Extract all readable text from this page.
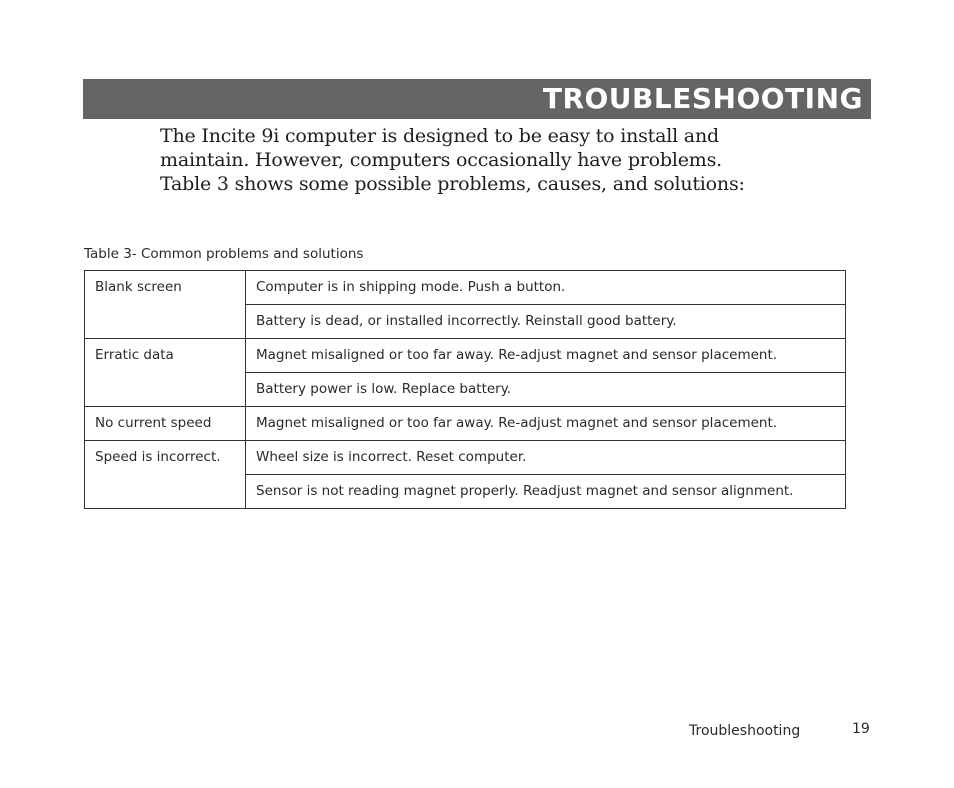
TROUBLESHOOTING
The Incite 9i computer is designed to be easy to install and
maintain. However, computers occasionally have problems.
Table 3 shows some possible problems, causes, and solutions:
Table 3- Common problems and solutions
Blank screen	Computer is in shipping mode. Push a button.
	Battery is dead, or installed incorrectly. Reinstall good battery.
Erratic data	Magnet misaligned or too far away. Re-adjust magnet and sensor placement.
	Battery power is low. Replace battery.
No current speed	Magnet misaligned or too far away. Re-adjust magnet and sensor placement.
Speed is incorrect.	Wheel size is incorrect. Reset computer.
	Sensor is not reading magnet properly. Readjust magnet and sensor alignment.
Troubleshooting	19
